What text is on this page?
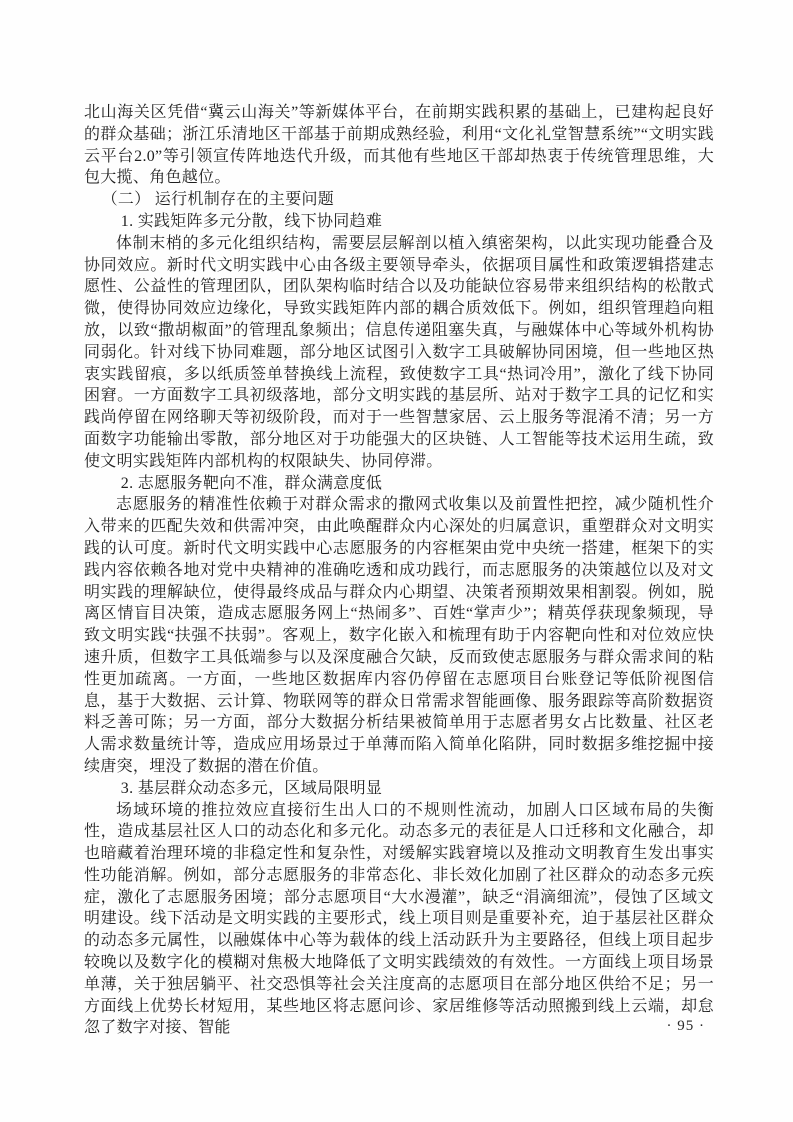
北山海关区凭借“冀云山海关”等新媒体平台，在前期实践积累的基础上，已建构起良好的群众基础；浙江乐清地区干部基于前期成熟经验，利用“文化礼堂智慧系统”“文明实践云平台2.0”等引领宣传阵地迭代升级，而其他有些地区干部却热衷于传统管理思维，大包大揽、角色越位。

（二） 运行机制存在的主要问题

1. 实践矩阵多元分散，线下协同趋难

体制末梢的多元化组织结构，需要层层解剖以植入缜密架构，以此实现功能叠合及协同效应。新时代文明实践中心由各级主要领导牵头，依据项目属性和政策逻辑搭建志愿性、公益性的管理团队，团队架构临时结合以及功能缺位容易带来组织结构的松散式微，使得协同效应边缘化，导致实践矩阵内部的耦合质效低下。例如，组织管理趋向粗放，以致“撒胡椒面”的管理乱象频出；信息传递阻塞失真，与融媒体中心等域外机构协同弱化。针对线下协同难题，部分地区试图引入数字工具破解协同困境，但一些地区热衷实践留痕，多以纸质签单替换线上流程，致使数字工具“热词冷用”，激化了线下协同困窘。一方面数字工具初级落地，部分文明实践的基层所、站对于数字工具的记忆和实践尚停留在网络聊天等初级阶段，而对于一些智慧家居、云上服务等混淆不清；另一方面数字功能输出零散，部分地区对于功能强大的区块链、人工智能等技术运用生疏，致使文明实践矩阵内部机构的权限缺失、协同停滞。

2. 志愿服务靶向不准，群众满意度低

志愿服务的精准性依赖于对群众需求的撒网式收集以及前置性把控，减少随机性介入带来的匹配失效和供需冲突，由此唤醒群众内心深处的归属意识，重塑群众对文明实践的认可度。新时代文明实践中心志愿服务的内容框架由党中央统一搭建，框架下的实践内容依赖各地对党中央精神的准确吃透和成功践行，而志愿服务的决策越位以及对文明实践的理解缺位，使得最终成品与群众内心期望、决策者预期效果相割裂。例如，脱离区情盲目决策，造成志愿服务网上“热闹多”、百姓“掌声少”；精英俘获现象频现，导致文明实践“扶强不扶弱”。客观上，数字化嵌入和梳理有助于内容靶向性和对位效应快速升质，但数字工具低端参与以及深度融合欠缺，反而致使志愿服务与群众需求间的粘性更加疏离。一方面，一些地区数据库内容仍停留在志愿项目台账登记等低阶视图信息，基于大数据、云计算、物联网等的群众日常需求智能画像、服务跟踪等高阶数据资料乏善可陈；另一方面，部分大数据分析结果被简单用于志愿者男女占比数量、社区老人需求数量统计等，造成应用场景过于单薄而陷入简单化陷阱，同时数据多维挖掘中接续唐突，埋没了数据的潜在价值。

3. 基层群众动态多元，区域局限明显

场域环境的推拉效应直接衍生出人口的不规则性流动，加剧人口区域布局的失衡性，造成基层社区人口的动态化和多元化。动态多元的表征是人口迁移和文化融合，却也暗藏着治理环境的非稳定性和复杂性，对缓解实践窘境以及推动文明教育生发出事实性功能消解。例如，部分志愿服务的非常态化、非长效化加剧了社区群众的动态多元疾症，激化了志愿服务困境；部分志愿项目“大水漫灌”，缺乏“涓滴细流”，侵蚀了区域文明建设。线下活动是文明实践的主要形式，线上项目则是重要补充，迫于基层社区群众的动态多元属性，以融媒体中心等为载体的线上活动跃升为主要路径，但线上项目起步较晚以及数字化的模糊对焦极大地降低了文明实践绩效的有效性。一方面线上项目场景单薄，关于独居躺平、社交恐惧等社会关注度高的志愿项目在部分地区供给不足；另一方面线上优势长材短用，某些地区将志愿问诊、家居维修等活动照搬到线上云端，却怠忽了数字对接、智能	· 95 ·
